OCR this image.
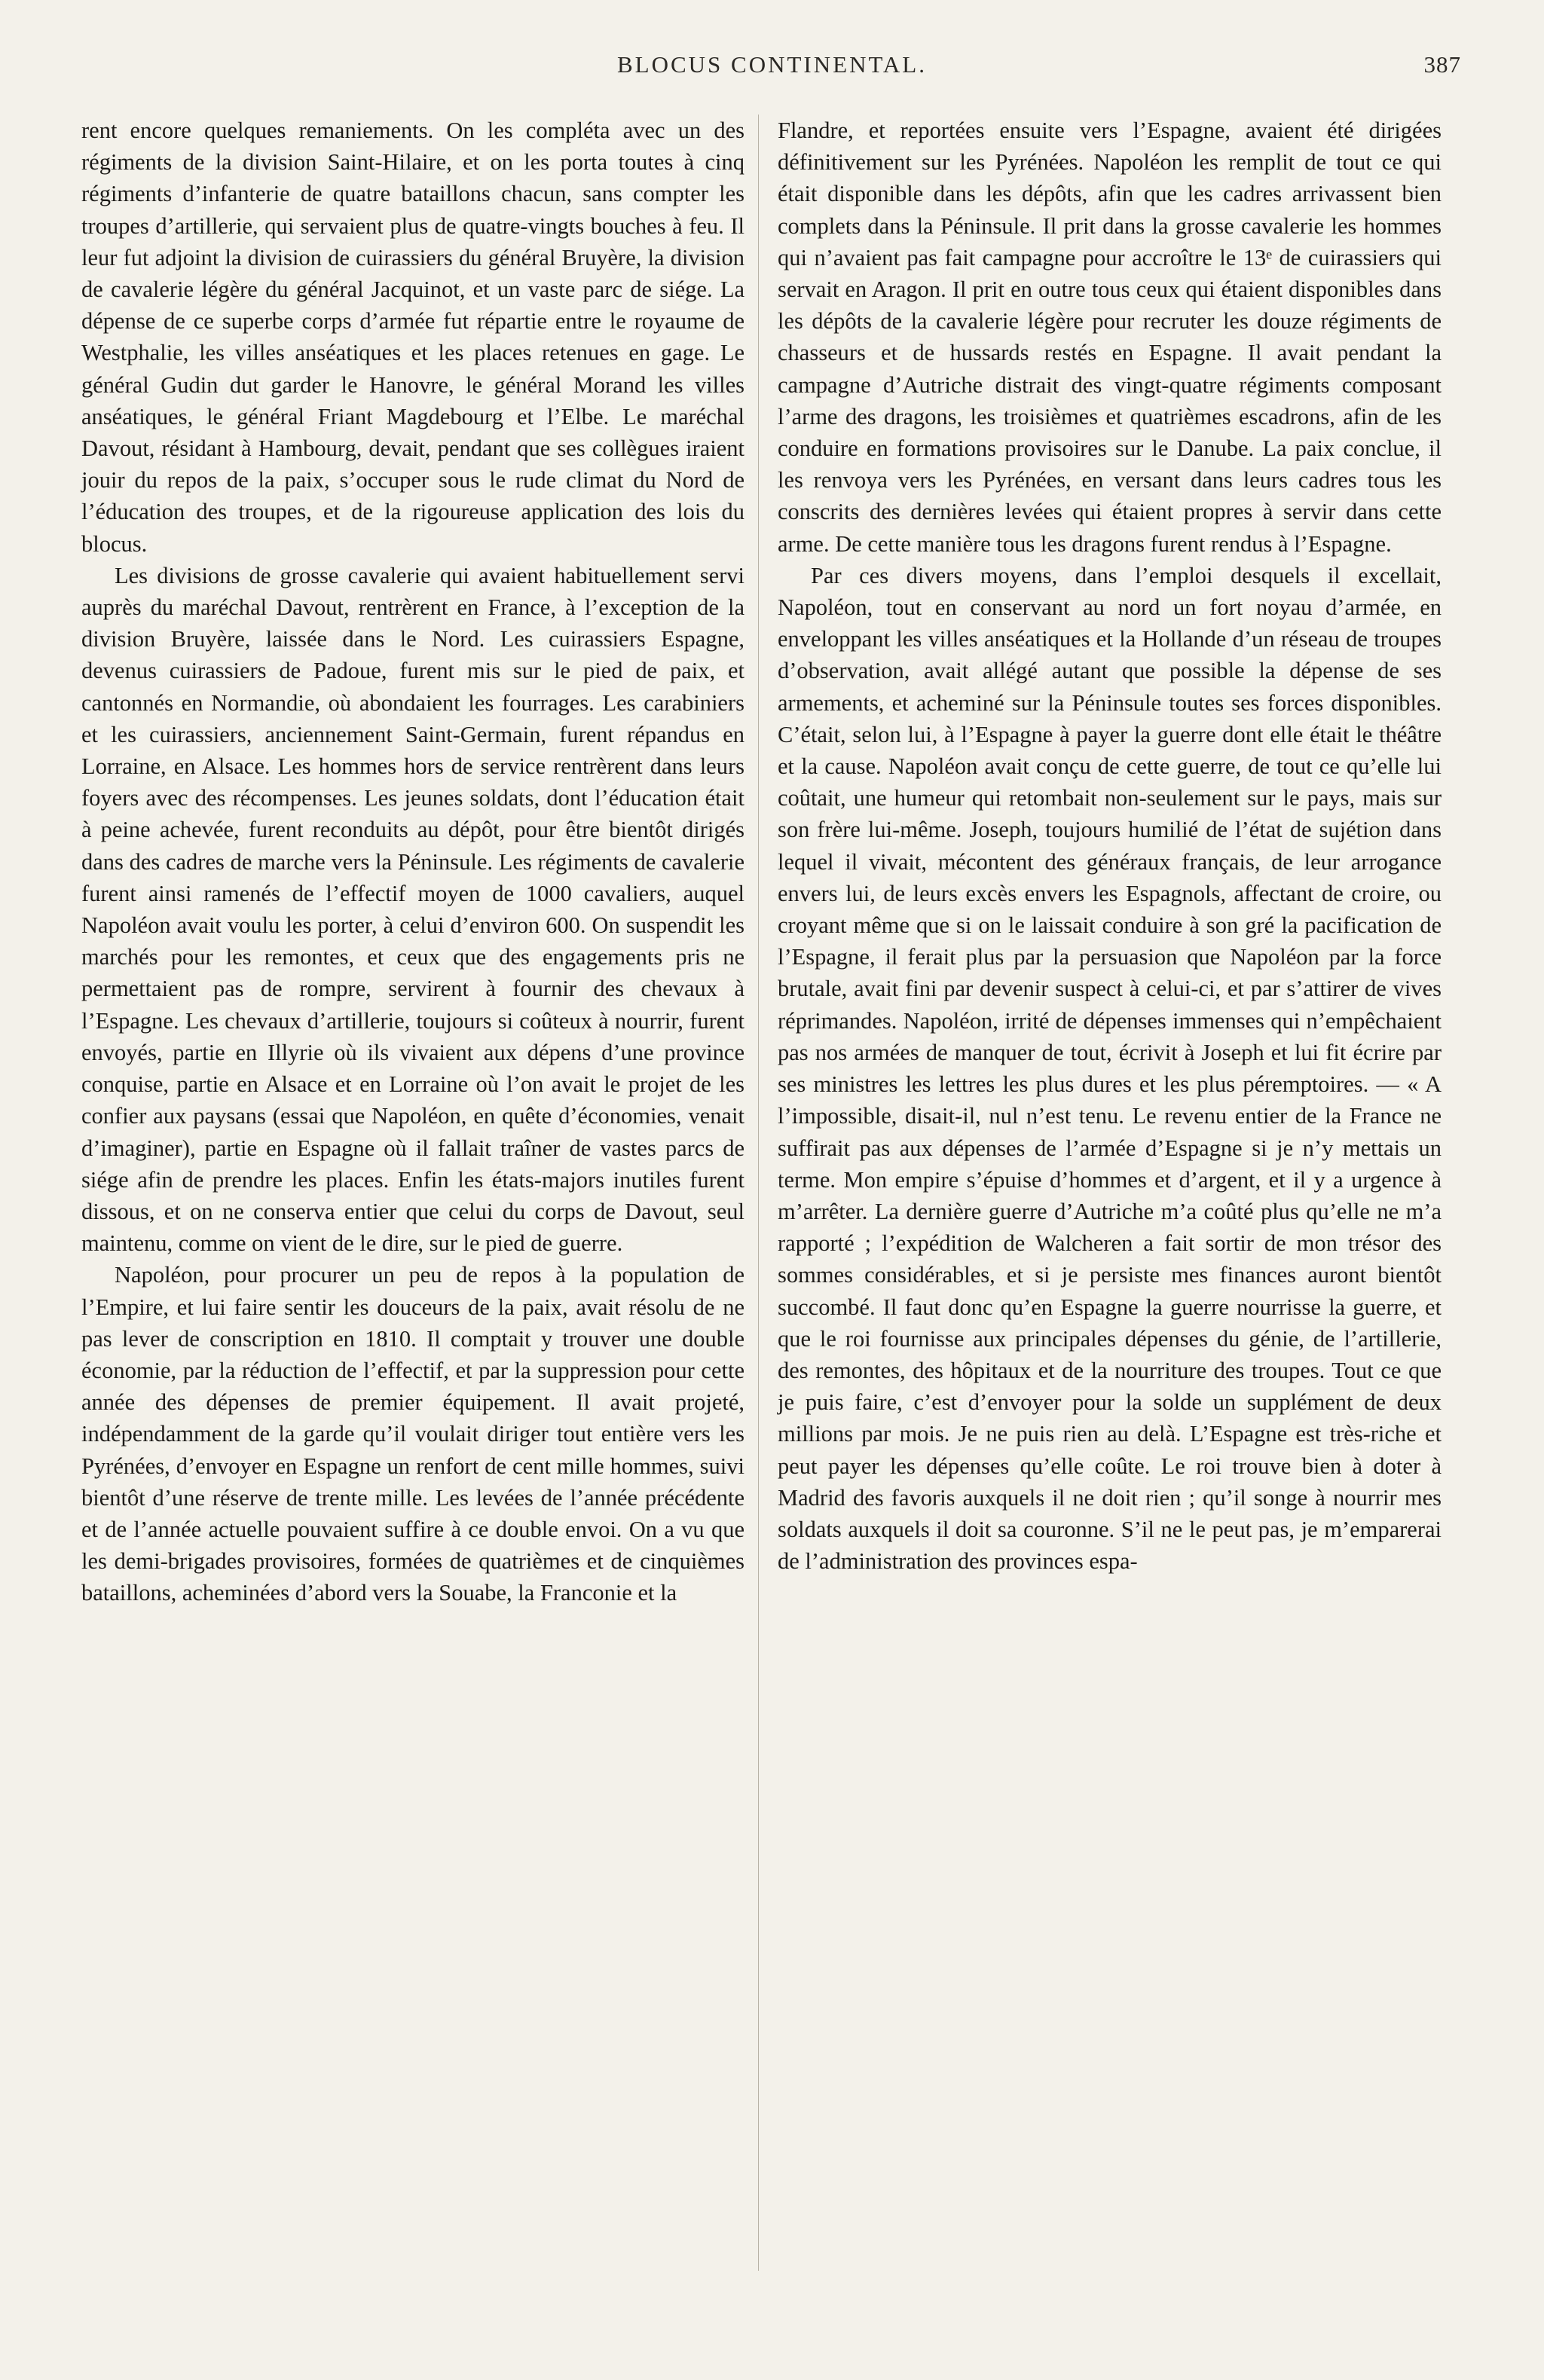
BLOCUS CONTINENTAL.	387

rent encore quelques remaniements. On les compléta avec un des régiments de la division Saint-Hilaire, et on les porta toutes à cinq régiments d’infanterie de quatre bataillons chacun, sans compter les troupes d’artillerie, qui servaient plus de quatre-vingts bouches à feu. Il leur fut adjoint la division de cuirassiers du général Bruyère, la division de cavalerie légère du général Jacquinot, et un vaste parc de siége. La dépense de ce superbe corps d’armée fut répartie entre le royaume de Westphalie, les villes anséatiques et les places retenues en gage. Le général Gudin dut garder le Hanovre, le général Morand les villes anséatiques, le général Friant Magdebourg et l’Elbe. Le maréchal Davout, résidant à Hambourg, devait, pendant que ses collègues iraient jouir du repos de la paix, s’occuper sous le rude climat du Nord de l’éducation des troupes, et de la rigoureuse application des lois du blocus.

Les divisions de grosse cavalerie qui avaient habituellement servi auprès du maréchal Davout, rentrèrent en France, à l’exception de la division Bruyère, laissée dans le Nord. Les cuirassiers Espagne, devenus cuirassiers de Padoue, furent mis sur le pied de paix, et cantonnés en Normandie, où abondaient les fourrages. Les carabiniers et les cuirassiers, anciennement Saint-Germain, furent répandus en Lorraine, en Alsace. Les hommes hors de service rentrèrent dans leurs foyers avec des récompenses. Les jeunes soldats, dont l’éducation était à peine achevée, furent reconduits au dépôt, pour être bientôt dirigés dans des cadres de marche vers la Péninsule. Les régiments de cavalerie furent ainsi ramenés de l’effectif moyen de 1000 cavaliers, auquel Napoléon avait voulu les porter, à celui d’environ 600. On suspendit les marchés pour les remontes, et ceux que des engagements pris ne permettaient pas de rompre, servirent à fournir des chevaux à l’Espagne. Les chevaux d’artillerie, toujours si coûteux à nourrir, furent envoyés, partie en Illyrie où ils vivaient aux dépens d’une province conquise, partie en Alsace et en Lorraine où l’on avait le projet de les confier aux paysans (essai que Napoléon, en quête d’économies, venait d’imaginer), partie en Espagne où il fallait traîner de vastes parcs de siége afin de prendre les places. Enfin les états-majors inutiles furent dissous, et on ne conserva entier que celui du corps de Davout, seul maintenu, comme on vient de le dire, sur le pied de guerre.

Napoléon, pour procurer un peu de repos à la population de l’Empire, et lui faire sentir les douceurs de la paix, avait résolu de ne pas lever de conscription en 1810. Il comptait y trouver une double économie, par la réduction de l’effectif, et par la suppression pour cette année des dépenses de premier équipement. Il avait projeté, indépendamment de la garde qu’il voulait diriger tout entière vers les Pyrénées, d’envoyer en Espagne un renfort de cent mille hommes, suivi bientôt d’une réserve de trente mille. Les levées de l’année précédente et de l’année actuelle pouvaient suffire à ce double envoi. On a vu que les demi-brigades provisoires, formées de quatrièmes et de cinquièmes bataillons, acheminées d’abord vers la Souabe, la Franconie et la

Flandre, et reportées ensuite vers l’Espagne, avaient été dirigées définitivement sur les Pyrénées. Napoléon les remplit de tout ce qui était disponible dans les dépôts, afin que les cadres arrivassent bien complets dans la Péninsule. Il prit dans la grosse cavalerie les hommes qui n’avaient pas fait campagne pour accroître le 13ᵉ de cuirassiers qui servait en Aragon. Il prit en outre tous ceux qui étaient disponibles dans les dépôts de la cavalerie légère pour recruter les douze régiments de chasseurs et de hussards restés en Espagne. Il avait pendant la campagne d’Autriche distrait des vingt-quatre régiments composant l’arme des dragons, les troisièmes et quatrièmes escadrons, afin de les conduire en formations provisoires sur le Danube. La paix conclue, il les renvoya vers les Pyrénées, en versant dans leurs cadres tous les conscrits des dernières levées qui étaient propres à servir dans cette arme. De cette manière tous les dragons furent rendus à l’Espagne.

Par ces divers moyens, dans l’emploi desquels il excellait, Napoléon, tout en conservant au nord un fort noyau d’armée, en enveloppant les villes anséatiques et la Hollande d’un réseau de troupes d’observation, avait allégé autant que possible la dépense de ses armements, et acheminé sur la Péninsule toutes ses forces disponibles. C’était, selon lui, à l’Espagne à payer la guerre dont elle était le théâtre et la cause. Napoléon avait conçu de cette guerre, de tout ce qu’elle lui coûtait, une humeur qui retombait non-seulement sur le pays, mais sur son frère lui-même. Joseph, toujours humilié de l’état de sujétion dans lequel il vivait, mécontent des généraux français, de leur arrogance envers lui, de leurs excès envers les Espagnols, affectant de croire, ou croyant même que si on le laissait conduire à son gré la pacification de l’Espagne, il ferait plus par la persuasion que Napoléon par la force brutale, avait fini par devenir suspect à celui-ci, et par s’attirer de vives réprimandes. Napoléon, irrité de dépenses immenses qui n’empêchaient pas nos armées de manquer de tout, écrivit à Joseph et lui fit écrire par ses ministres les lettres les plus dures et les plus péremptoires. — « A l’impossible, disait-il, nul n’est tenu. Le revenu entier de la France ne suffirait pas aux dépenses de l’armée d’Espagne si je n’y mettais un terme. Mon empire s’épuise d’hommes et d’argent, et il y a urgence à m’arrêter. La dernière guerre d’Autriche m’a coûté plus qu’elle ne m’a rapporté ; l’expédition de Walcheren a fait sortir de mon trésor des sommes considérables, et si je persiste mes finances auront bientôt succombé. Il faut donc qu’en Espagne la guerre nourrisse la guerre, et que le roi fournisse aux principales dépenses du génie, de l’artillerie, des remontes, des hôpitaux et de la nourriture des troupes. Tout ce que je puis faire, c’est d’envoyer pour la solde un supplément de deux millions par mois. Je ne puis rien au delà. L’Espagne est très-riche et peut payer les dépenses qu’elle coûte. Le roi trouve bien à doter à Madrid des favoris auxquels il ne doit rien ; qu’il songe à nourrir mes soldats auxquels il doit sa couronne. S’il ne le peut pas, je m’emparerai de l’administration des provinces espa-
